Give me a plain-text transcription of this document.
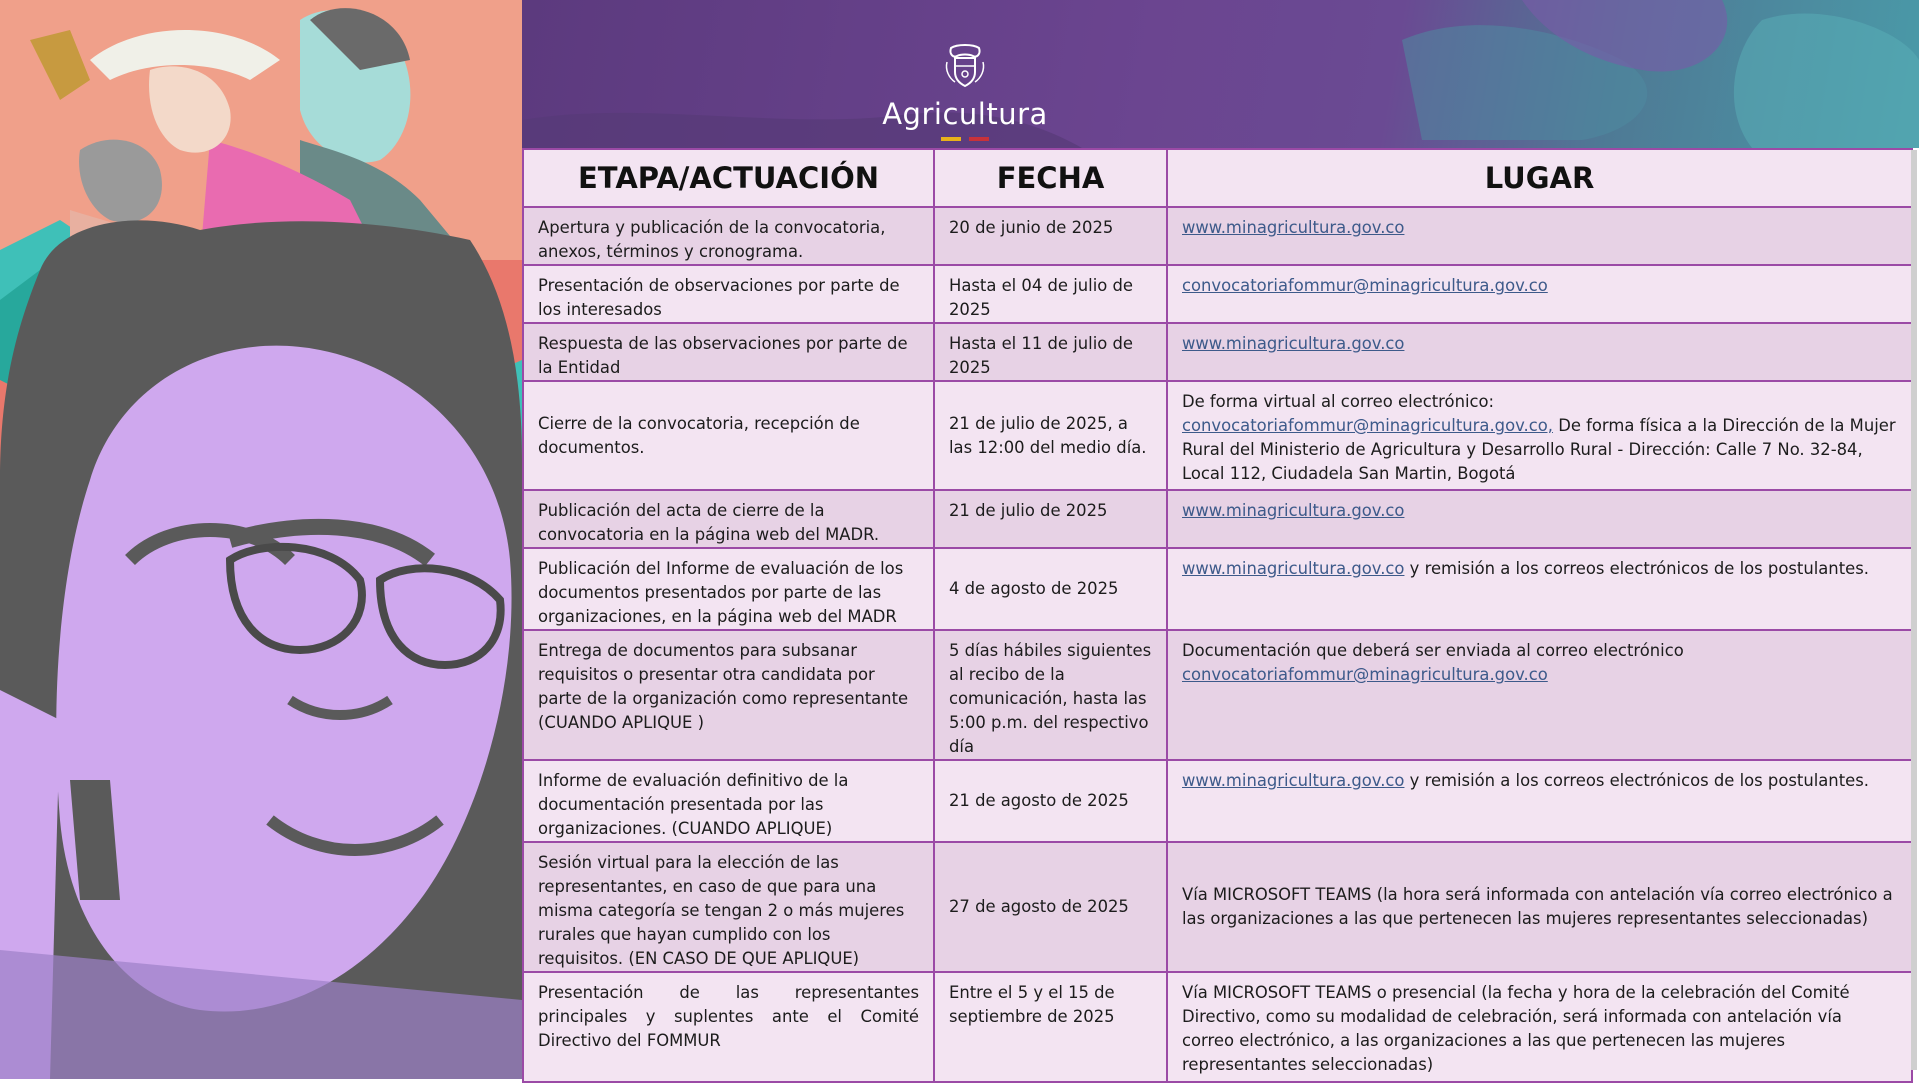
Agricultura
ETAPA/ACTUACIÓN	FECHA	LUGAR
Apertura y publicación de la convocatoria, anexos, términos y cronograma.	20 de junio de 2025	www.minagricultura.gov.co
Presentación de observaciones por parte de los interesados	Hasta el 04 de julio de 2025	convocatoriafommur@minagricultura.gov.co
Respuesta de las observaciones por parte de la Entidad	Hasta el 11 de julio de 2025	www.minagricultura.gov.co
Cierre de la convocatoria, recepción de documentos.	21 de julio de 2025, a las 12:00 del medio día.	De forma virtual al correo electrónico:
convocatoriafommur@minagricultura.gov.co, De forma física a la Dirección de la Mujer Rural del Ministerio de Agricultura y Desarrollo Rural - Dirección: Calle 7 No. 32-84, Local 112, Ciudadela San Martin, Bogotá
Publicación del acta de cierre de la convocatoria en la página web del MADR.	21 de julio de 2025	www.minagricultura.gov.co
Publicación del Informe de evaluación de los documentos presentados por parte de las organizaciones, en la página web del MADR	4 de agosto de 2025	www.minagricultura.gov.co y remisión a los correos electrónicos de los postulantes.
Entrega de documentos para subsanar requisitos o presentar otra candidata por parte de la organización como representante (CUANDO APLIQUE )	5 días hábiles siguientes al recibo de la comunicación, hasta las 5:00 p.m. del respectivo día	Documentación que deberá ser enviada al correo electrónico
convocatoriafommur@minagricultura.gov.co
Informe de evaluación definitivo de la documentación presentada por las organizaciones. (CUANDO APLIQUE)	21 de agosto de 2025	www.minagricultura.gov.co y remisión a los correos electrónicos de los postulantes.
Sesión virtual para la elección de las representantes, en caso de que para una misma categoría se tengan 2 o más mujeres rurales que hayan cumplido con los requisitos. (EN CASO DE QUE APLIQUE)	27 de agosto de 2025	Vía MICROSOFT TEAMS (la hora será informada con antelación vía correo electrónico a las organizaciones a las que pertenecen las mujeres representantes seleccionadas)
Presentación de las representantes principales y suplentes ante el Comité Directivo del FOMMUR	Entre el 5 y el 15 de septiembre de 2025	Vía MICROSOFT TEAMS o presencial (la fecha y hora de la celebración del Comité Directivo, como su modalidad de celebración, será informada con antelación vía correo electrónico, a las organizaciones a las que pertenecen las mujeres representantes seleccionadas)
